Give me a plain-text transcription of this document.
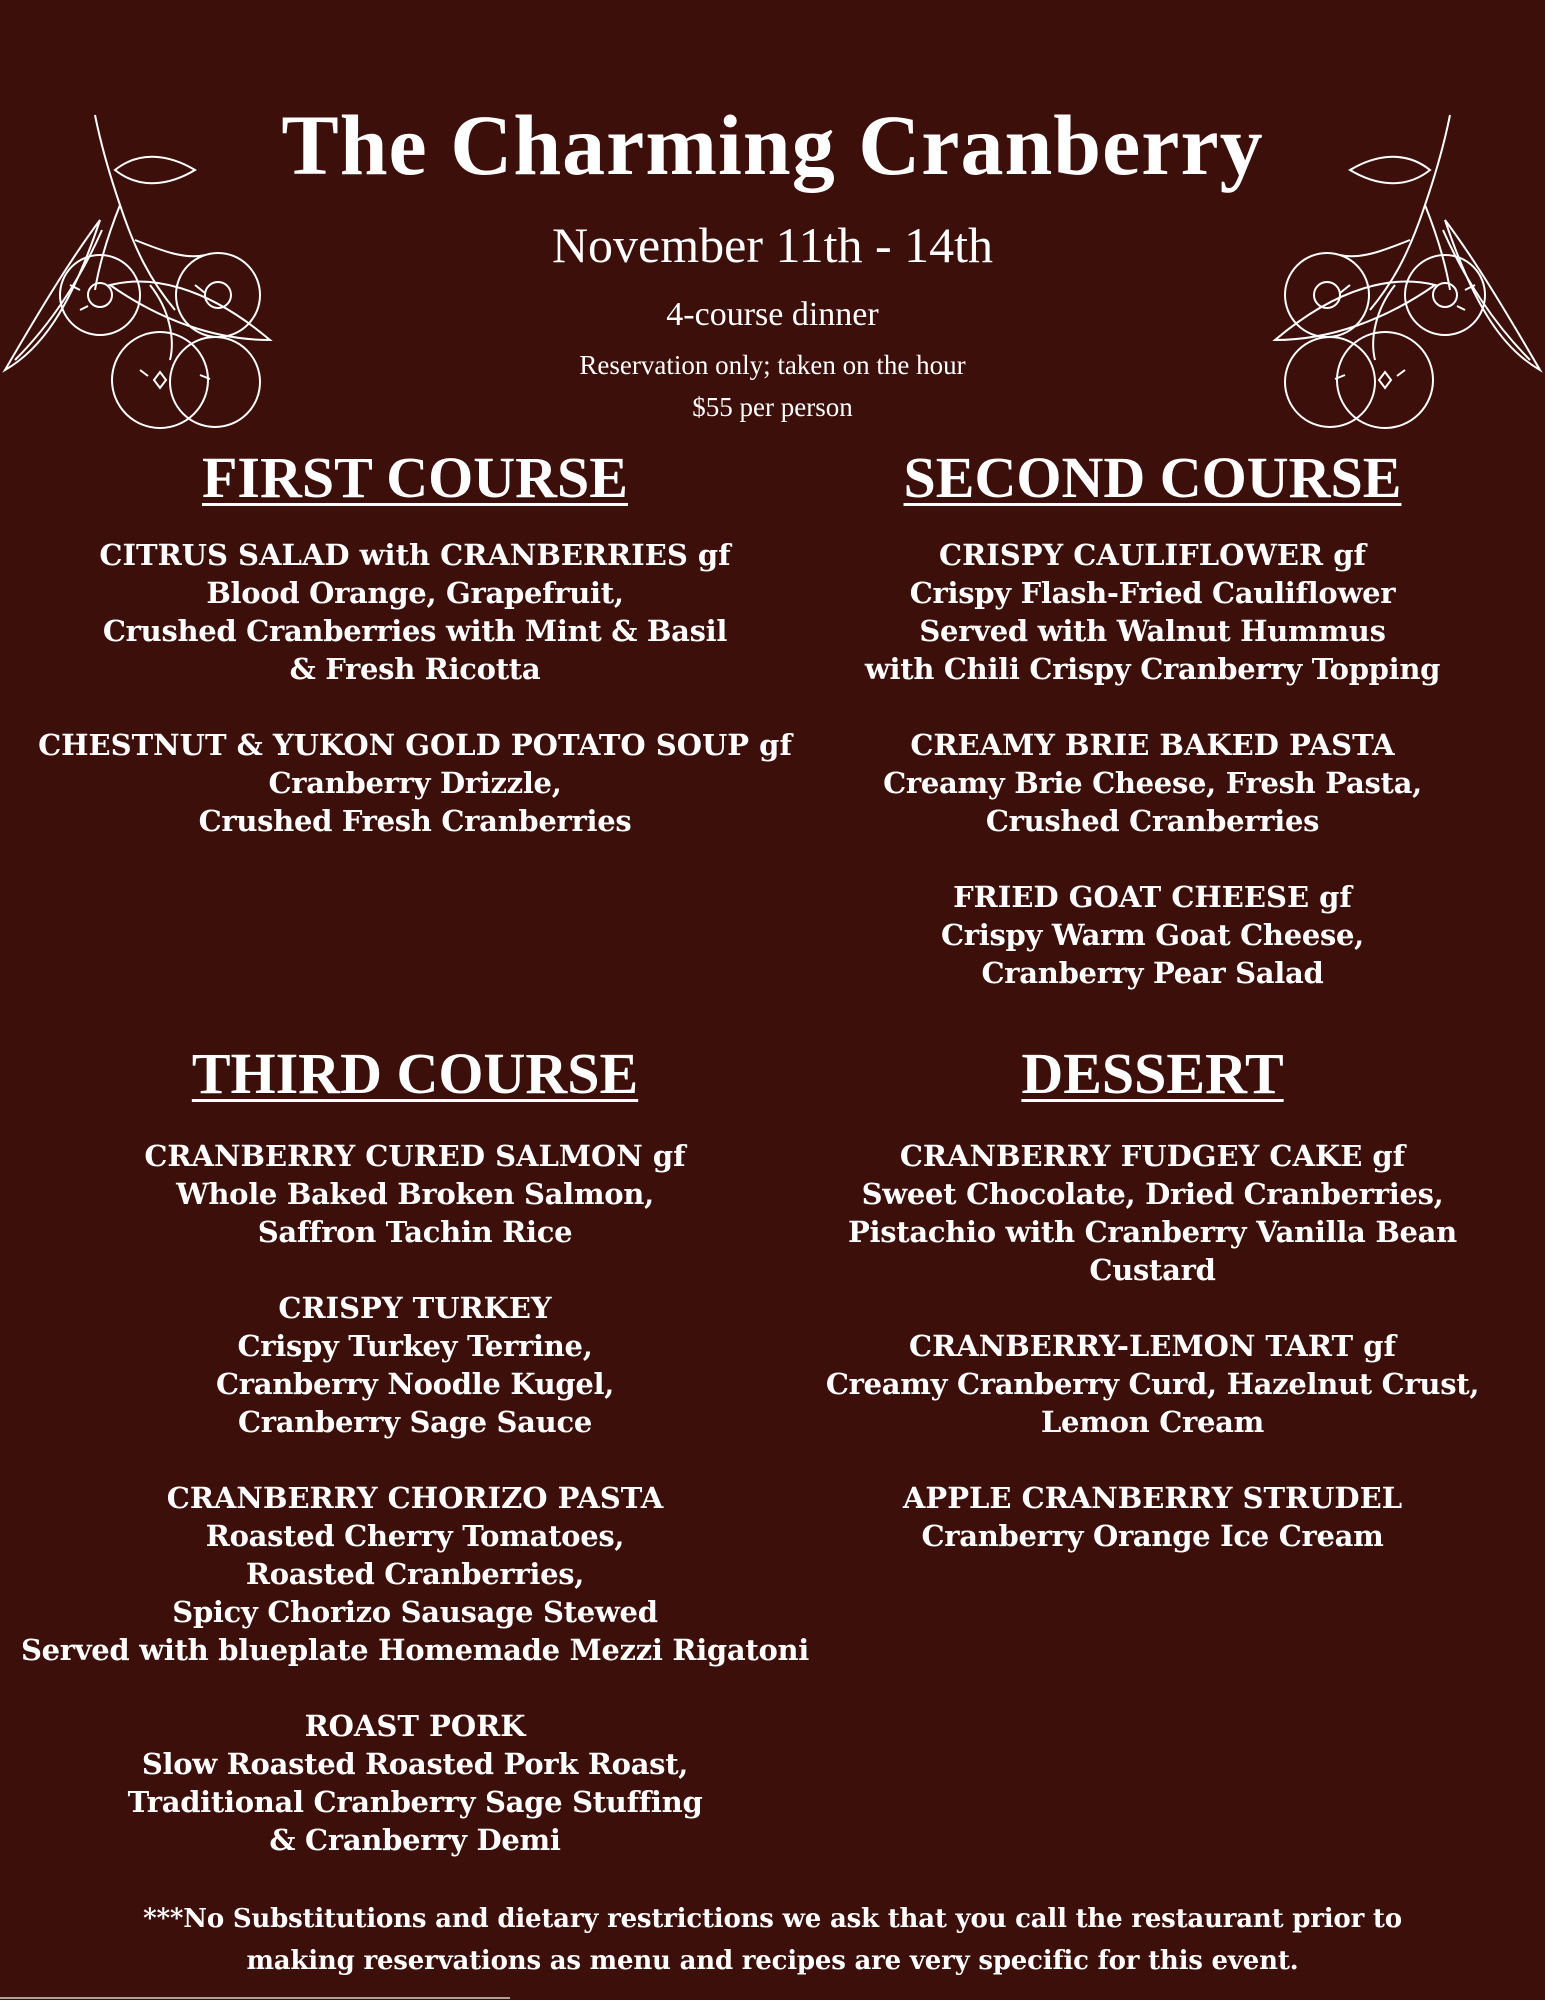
The Charming Cranberry
November 11th - 14th
4-course dinner
Reservation only; taken on the hour
$55 per person
FIRST COURSE	SECOND COURSE
THIRD COURSE	DESSERT
CITRUS SALAD with CRANBERRIES gf
Blood Orange, Grapefruit,
Crushed Cranberries with Mint & Basil
& Fresh Ricotta
CHESTNUT & YUKON GOLD POTATO SOUP gf
Cranberry Drizzle,
Crushed Fresh Cranberries
CRISPY CAULIFLOWER gf
Crispy Flash-Fried Cauliflower
Served with Walnut Hummus
with Chili Crispy Cranberry Topping
CREAMY BRIE BAKED PASTA
Creamy Brie Cheese, Fresh Pasta,
Crushed Cranberries
FRIED GOAT CHEESE gf
Crispy Warm Goat Cheese,
Cranberry Pear Salad
CRANBERRY CURED SALMON gf
Whole Baked Broken Salmon,
Saffron Tachin Rice
CRISPY TURKEY
Crispy Turkey Terrine,
Cranberry Noodle Kugel,
Cranberry Sage Sauce
CRANBERRY CHORIZO PASTA
Roasted Cherry Tomatoes,
Roasted Cranberries,
Spicy Chorizo Sausage Stewed
Served with blueplate Homemade Mezzi Rigatoni
ROAST PORK
Slow Roasted Roasted Pork Roast,
Traditional Cranberry Sage Stuffing
& Cranberry Demi
CRANBERRY FUDGEY CAKE gf
Sweet Chocolate, Dried Cranberries,
Pistachio with Cranberry Vanilla Bean
Custard
CRANBERRY-LEMON TART gf
Creamy Cranberry Curd, Hazelnut Crust,
Lemon Cream
APPLE CRANBERRY STRUDEL
Cranberry Orange Ice Cream
***No Substitutions and dietary restrictions we ask that you call the restaurant prior to
making reservations as menu and recipes are very specific for this event.
